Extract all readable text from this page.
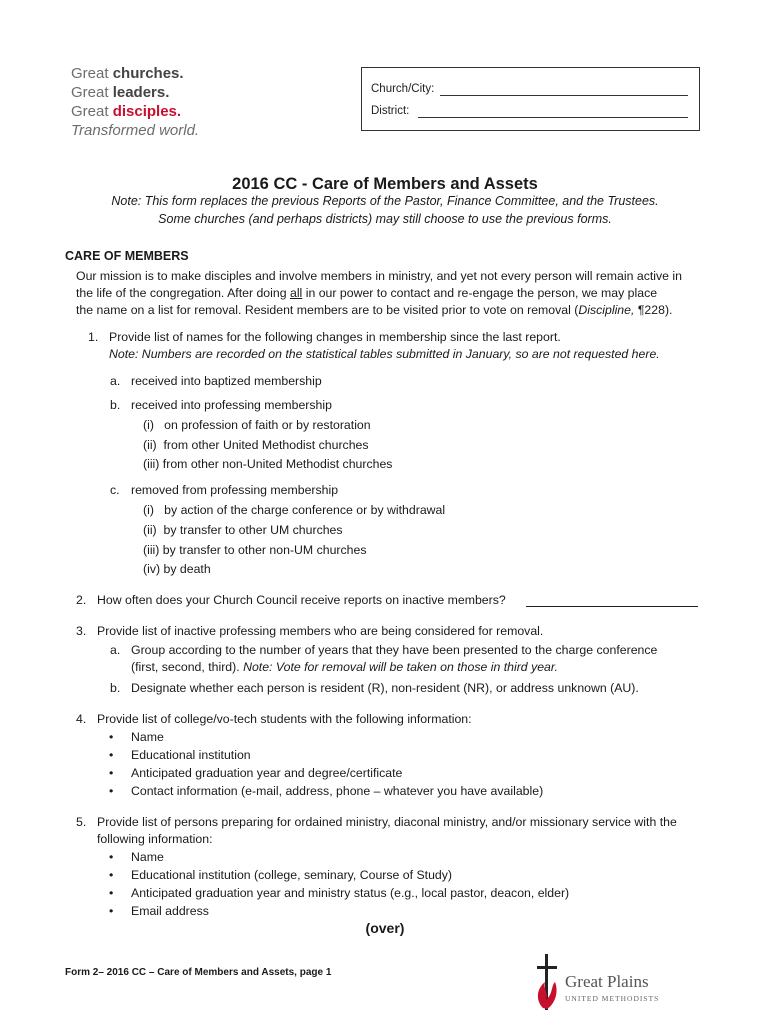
Great churches.
Great leaders.
Great disciples.
Transformed world.
Church/City:
District:
2016 CC - Care of Members and Assets
Note: This form replaces the previous Reports of the Pastor, Finance Committee, and the Trustees.
Some churches (and perhaps districts) may still choose to use the previous forms.
CARE OF MEMBERS
Our mission is to make disciples and involve members in ministry, and yet not every person will remain active in
the life of the congregation. After doing all in our power to contact and re-engage the person, we may place
the name on a list for removal. Resident members are to be visited prior to vote on removal (Discipline, ¶228).
1. Provide list of names for the following changes in membership since the last report.
Note: Numbers are recorded on the statistical tables submitted in January, so are not requested here.
a. received into baptized membership
b. received into professing membership
(i)   on profession of faith or by restoration
(ii)  from other United Methodist churches
(iii) from other non-United Methodist churches
c. removed from professing membership
(i)   by action of the charge conference or by withdrawal
(ii)  by transfer to other UM churches
(iii) by transfer to other non-UM churches
(iv) by death
2. How often does your Church Council receive reports on inactive members?
3. Provide list of inactive professing members who are being considered for removal.
a. Group according to the number of years that they have been presented to the charge conference
(first, second, third). Note: Vote for removal will be taken on those in third year.
b. Designate whether each person is resident (R), non-resident (NR), or address unknown (AU).
4. Provide list of college/vo-tech students with the following information:
• Name
• Educational institution
• Anticipated graduation year and degree/certificate
• Contact information (e-mail, address, phone – whatever you have available)
5. Provide list of persons preparing for ordained ministry, diaconal ministry, and/or missionary service with the
following information:
• Name
• Educational institution (college, seminary, Course of Study)
• Anticipated graduation year and ministry status (e.g., local pastor, deacon, elder)
• Email address
(over)
Form 2– 2016 CC – Care of Members and Assets, page 1	Great Plains
UNITED METHODISTS
